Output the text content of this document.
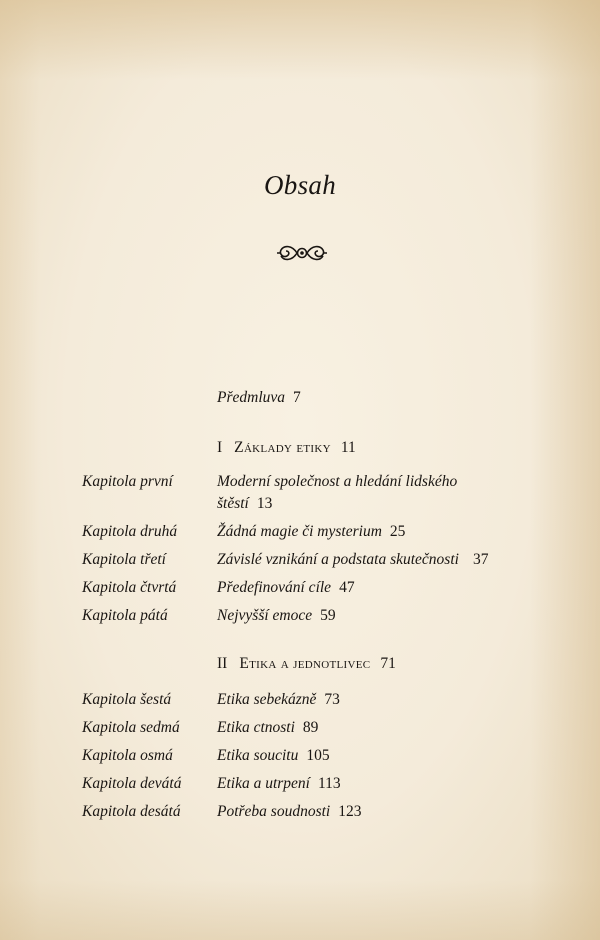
Obsah
Předmluva 7
I Základy etiky 11
Kapitola první	Moderní společnost a hledání lidského
štěstí 13
Kapitola druhá	Žádná magie či mysterium 25
Kapitola třetí	Závislé vznikání a podstata skutečnosti 37
Kapitola čtvrtá	Předefinování cíle 47
Kapitola pátá	Nejvyšší emoce 59
II Etika a jednotlivec 71
Kapitola šestá	Etika sebekázně 73
Kapitola sedmá Etika ctnosti 89
Kapitola osmá	Etika soucitu 105
Kapitola devátá Etika a utrpení 113
Kapitola desátá Potřeba soudnosti 123
